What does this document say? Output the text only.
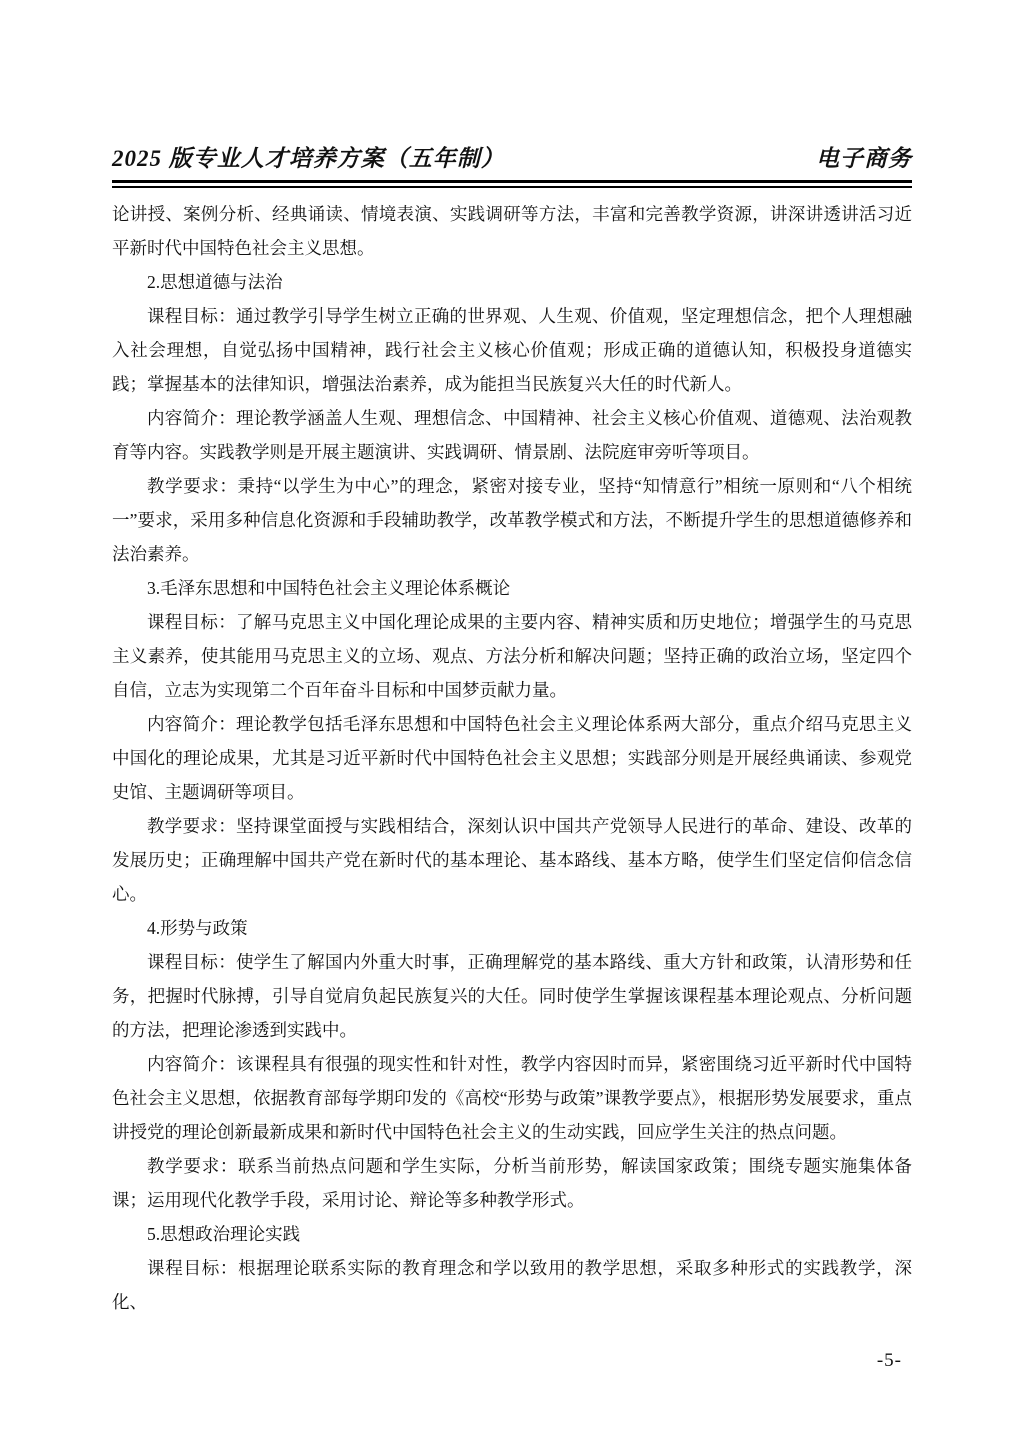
2025 版专业人才培养方案（五年制）	电子商务

论讲授、案例分析、经典诵读、情境表演、实践调研等方法，丰富和完善教学资源，讲深讲透讲活习近平新时代中国特色社会主义思想。

2.思想道德与法治

课程目标：通过教学引导学生树立正确的世界观、人生观、价值观，坚定理想信念，把个人理想融入社会理想，自觉弘扬中国精神，践行社会主义核心价值观；形成正确的道德认知，积极投身道德实践；掌握基本的法律知识，增强法治素养，成为能担当民族复兴大任的时代新人。

内容简介：理论教学涵盖人生观、理想信念、中国精神、社会主义核心价值观、道德观、法治观教育等内容。实践教学则是开展主题演讲、实践调研、情景剧、法院庭审旁听等项目。

教学要求：秉持“以学生为中心”的理念，紧密对接专业，坚持“知情意行”相统一原则和“八个相统一”要求，采用多种信息化资源和手段辅助教学，改革教学模式和方法，不断提升学生的思想道德修养和法治素养。

3.毛泽东思想和中国特色社会主义理论体系概论

课程目标：了解马克思主义中国化理论成果的主要内容、精神实质和历史地位；增强学生的马克思主义素养，使其能用马克思主义的立场、观点、方法分析和解决问题；坚持正确的政治立场，坚定四个自信，立志为实现第二个百年奋斗目标和中国梦贡献力量。

内容简介：理论教学包括毛泽东思想和中国特色社会主义理论体系两大部分，重点介绍马克思主义中国化的理论成果，尤其是习近平新时代中国特色社会主义思想；实践部分则是开展经典诵读、参观党史馆、主题调研等项目。

教学要求：坚持课堂面授与实践相结合，深刻认识中国共产党领导人民进行的革命、建设、改革的发展历史；正确理解中国共产党在新时代的基本理论、基本路线、基本方略，使学生们坚定信仰信念信心。

4.形势与政策

课程目标：使学生了解国内外重大时事，正确理解党的基本路线、重大方针和政策，认清形势和任务，把握时代脉搏，引导自觉肩负起民族复兴的大任。同时使学生掌握该课程基本理论观点、分析问题的方法，把理论渗透到实践中。

内容简介：该课程具有很强的现实性和针对性，教学内容因时而异，紧密围绕习近平新时代中国特色社会主义思想，依据教育部每学期印发的《高校“形势与政策”课教学要点》，根据形势发展要求，重点讲授党的理论创新最新成果和新时代中国特色社会主义的生动实践，回应学生关注的热点问题。

教学要求：联系当前热点问题和学生实际，分析当前形势，解读国家政策；围绕专题实施集体备课；运用现代化教学手段，采用讨论、辩论等多种教学形式。

5.思想政治理论实践

课程目标：根据理论联系实际的教育理念和学以致用的教学思想，采取多种形式的实践教学，深化、

-5-
